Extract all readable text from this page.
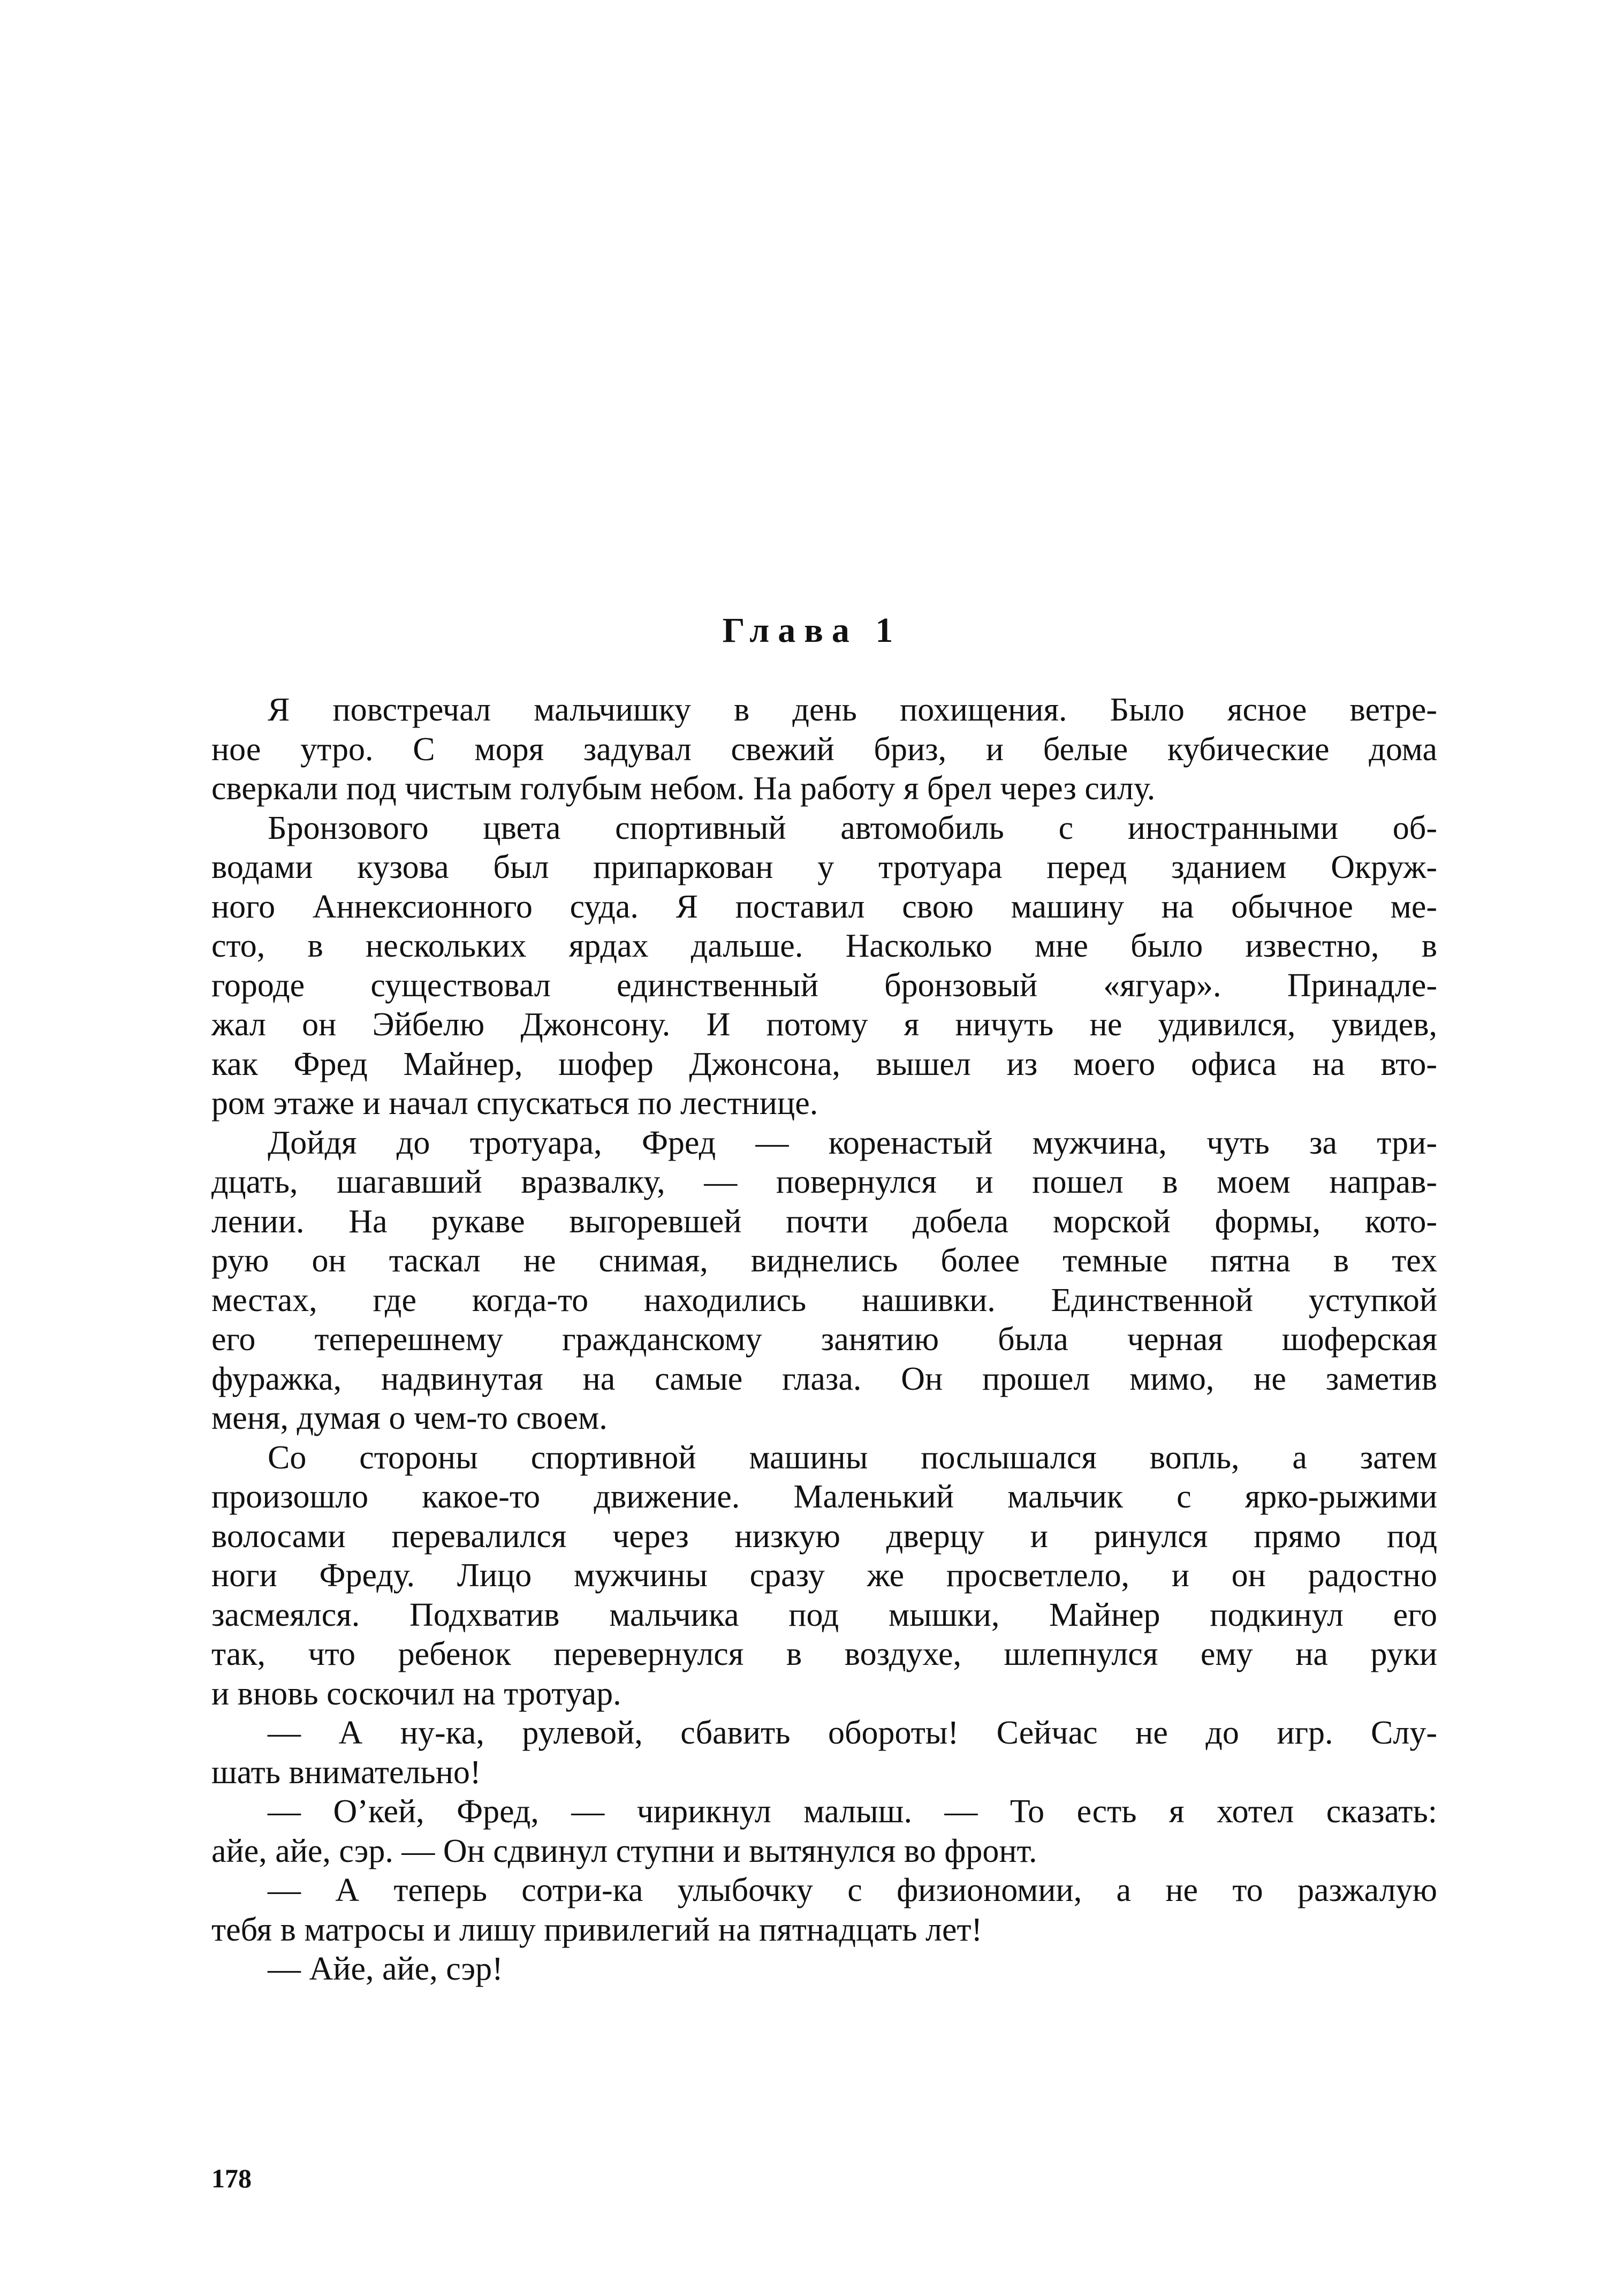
Глава 1
Я повстречал мальчишку в день похищения. Было ясное ветре-
ное утро. С моря задувал свежий бриз, и белые кубические дома
сверкали под чистым голубым небом. На работу я брел через силу.
Бронзового цвета спортивный автомобиль с иностранными об-
водами кузова был припаркован у тротуара перед зданием Окруж-
ного Аннексионного суда. Я поставил свою машину на обычное ме-
сто, в нескольких ярдах дальше. Насколько мне было известно, в
городе существовал единственный бронзовый «ягуар». Принадле-
жал он Эйбелю Джонсону. И потому я ничуть не удивился, увидев,
как Фред Майнер, шофер Джонсона, вышел из моего офиса на вто-
ром этаже и начал спускаться по лестнице.
Дойдя до тротуара, Фред — коренастый мужчина, чуть за три-
дцать, шагавший вразвалку, — повернулся и пошел в моем направ-
лении. На рукаве выгоревшей почти добела морской формы, кото-
рую он таскал не снимая, виднелись более темные пятна в тех
местах, где когда-то находились нашивки. Единственной уступкой
его теперешнему гражданскому занятию была черная шоферская
фуражка, надвинутая на самые глаза. Он прошел мимо, не заметив
меня, думая о чем-то своем.
Со стороны спортивной машины послышался вопль, а затем
произошло какое-то движение. Маленький мальчик с ярко-рыжими
волосами перевалился через низкую дверцу и ринулся прямо под
ноги Фреду. Лицо мужчины сразу же просветлело, и он радостно
засмеялся. Подхватив мальчика под мышки, Майнер подкинул его
так, что ребенок перевернулся в воздухе, шлепнулся ему на руки
и вновь соскочил на тротуар.
— А ну-ка, рулевой, сбавить обороты! Сейчас не до игр. Слу-
шать внимательно!
— О’кей, Фред, — чирикнул малыш. — То есть я хотел сказать:
айе, айе, сэр. — Он сдвинул ступни и вытянулся во фронт.
— А теперь сотри-ка улыбочку с физиономии, а не то разжалую
тебя в матросы и лишу привилегий на пятнадцать лет!
— Айе, айе, сэр!

178
